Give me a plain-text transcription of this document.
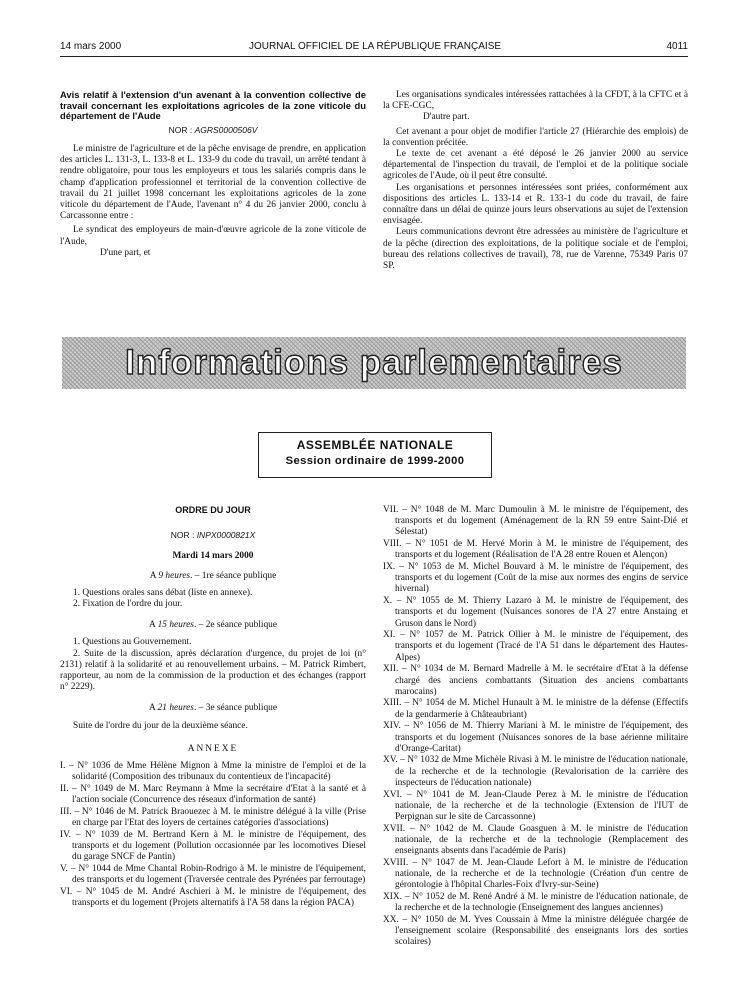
14 mars 2000	JOURNAL OFFICIEL DE LA RÉPUBLIQUE FRANÇAISE	4011
Avis relatif à l'extension d'un avenant à la convention collective de travail concernant les exploitations agricoles de la zone viticole du département de l'Aude
NOR : AGRS0000506V

Le ministre de l'agriculture et de la pêche envisage de prendre, en application des articles L. 131-3, L. 133-8 et L. 133-9 du code du travail, un arrêté tendant à rendre obligatoire, pour tous les employeurs et tous les salariés compris dans le champ d'application professionnel et territorial de la convention collective de travail du 21 juillet 1998 concernant les exploitations agricoles de la zone viticole du département de l'Aude, l'avenant n° 4 du 26 janvier 2000, conclu à Carcassonne entre :

Le syndicat des employeurs de main-d'œuvre agricole de la zone viticole de l'Aude,

D'une part, et

Les organisations syndicales intéressées rattachées à la CFDT, à la CFTC et à la CFE-CGC,

D'autre part.

Cet avenant a pour objet de modifier l'article 27 (Hiérarchie des emplois) de la convention précitée.

Le texte de cet avenant a été déposé le 26 janvier 2000 au service départemental de l'inspection du travail, de l'emploi et de la politique sociale agricoles de l'Aude, où il peut être consulté.

Les organisations et personnes intéressées sont priées, conformément aux dispositions des articles L. 133-14 et R. 133-1 du code du travail, de faire connaître dans un délai de quinze jours leurs observations au sujet de l'extension envisagée.

Leurs communications devront être adressées au ministère de l'agriculture et de la pêche (direction des exploitations, de la politique sociale et de l'emploi, bureau des relations collectives de travail), 78, rue de Varenne, 75349 Paris 07 SP.

Informations parlementaires
ASSEMBLÉE NATIONALE
Session ordinaire de 1999-2000
ORDRE DU JOUR
NOR : INPX0000821X

Mardi 14 mars 2000

A 9 heures. – 1re séance publique

1. Questions orales sans débat (liste en annexe).
2. Fixation de l'ordre du jour.

A 15 heures. – 2e séance publique

1. Questions au Gouvernement.

2. Suite de la discussion, après déclaration d'urgence, du projet de loi (n° 2131) relatif à la solidarité et au renouvellement urbains. – M. Patrick Rimbert, rapporteur, au nom de la commission de la production et des échanges (rapport n° 2229).

A 21 heures. – 3e séance publique

Suite de l'ordre du jour de la deuxième séance.

ANNEXE

I. – N° 1036 de Mme Hélène Mignon à Mme la ministre de l'emploi et de la solidarité (Composition des tribunaux du contentieux de l'incapacité)
II. – N° 1049 de M. Marc Reymann à Mme la secrétaire d'Etat à la santé et à l'action sociale (Concurrence des réseaux d'information de santé)
III. – N° 1046 de M. Patrick Braouezec à M. le ministre délégué à la ville (Prise en charge par l'Etat des loyers de certaines catégories d'associations)
IV. – N° 1039 de M. Bertrand Kern à M. le ministre de l'équipement, des transports et du logement (Pollution occasionnée par les locomotives Diesel du garage SNCF de Pantin)
V. – N° 1044 de Mme Chantal Robin-Rodrigo à M. le ministre de l'équipement, des transports et du logement (Traversée centrale des Pyrénées par ferroutage)
VI. – N° 1045 de M. André Aschieri à M. le ministre de l'équipement, des transports et du logement (Projets alternatifs à l'A 58 dans la région PACA)
VII. – N° 1048 de M. Marc Dumoulin à M. le ministre de l'équipement, des transports et du logement (Aménagement de la RN 59 entre Saint-Dié et Sélestat)
VIII. – N° 1051 de M. Hervé Morin à M. le ministre de l'équipement, des transports et du logement (Réalisation de l'A 28 entre Rouen et Alençon)
IX. – N° 1053 de M. Michel Bouvard à M. le ministre de l'équipement, des transports et du logement (Coût de la mise aux normes des engins de service hivernal)
X. – N° 1055 de M. Thierry Lazaro à M. le ministre de l'équipement, des transports et du logement (Nuisances sonores de l'A 27 entre Anstaing et Gruson dans le Nord)
XI. – N° 1057 de M. Patrick Ollier à M. le ministre de l'équipement, des transports et du logement (Tracé de l'A 51 dans le département des Hautes-Alpes)
XII. – N° 1034 de M. Bernard Madrelle à M. le secrétaire d'Etat à la défense chargé des anciens combattants (Situation des anciens combattants marocains)
XIII. – N° 1054 de M. Michel Hunault à M. le ministre de la défense (Effectifs de la gendarmerie à Châteaubriant)
XIV. – N° 1056 de M. Thierry Mariani à M. le ministre de l'équipement, des transports et du logement (Nuisances sonores de la base aérienne militaire d'Orange-Caritat)
XV. – N° 1032 de Mme Michèle Rivasi à M. le ministre de l'éducation nationale, de la recherche et de la technologie (Revalorisation de la carrière des inspecteurs de l'éducation nationale)
XVI. – N° 1041 de M. Jean-Claude Perez à M. le ministre de l'éducation nationale, de la recherche et de la technologie (Extension de l'IUT de Perpignan sur le site de Carcassonne)
XVII. – N° 1042 de M. Claude Goasguen à M. le ministre de l'éducation nationale, de la recherche et de la technologie (Remplacement des enseignants absents dans l'académie de Paris)
XVIII. – N° 1047 de M. Jean-Claude Lefort à M. le ministre de l'éducation nationale, de la recherche et de la technologie (Création d'un centre de gérontologie à l'hôpital Charles-Foix d'Ivry-sur-Seine)
XIX. – N° 1052 de M. René André à M. le ministre de l'éducation nationale, de la recherche et de la technologie (Enseignement des langues anciennes)
XX. – N° 1050 de M. Yves Coussain à Mme la ministre déléguée chargée de l'enseignement scolaire (Responsabilité des enseignants lors des sorties scolaires)
